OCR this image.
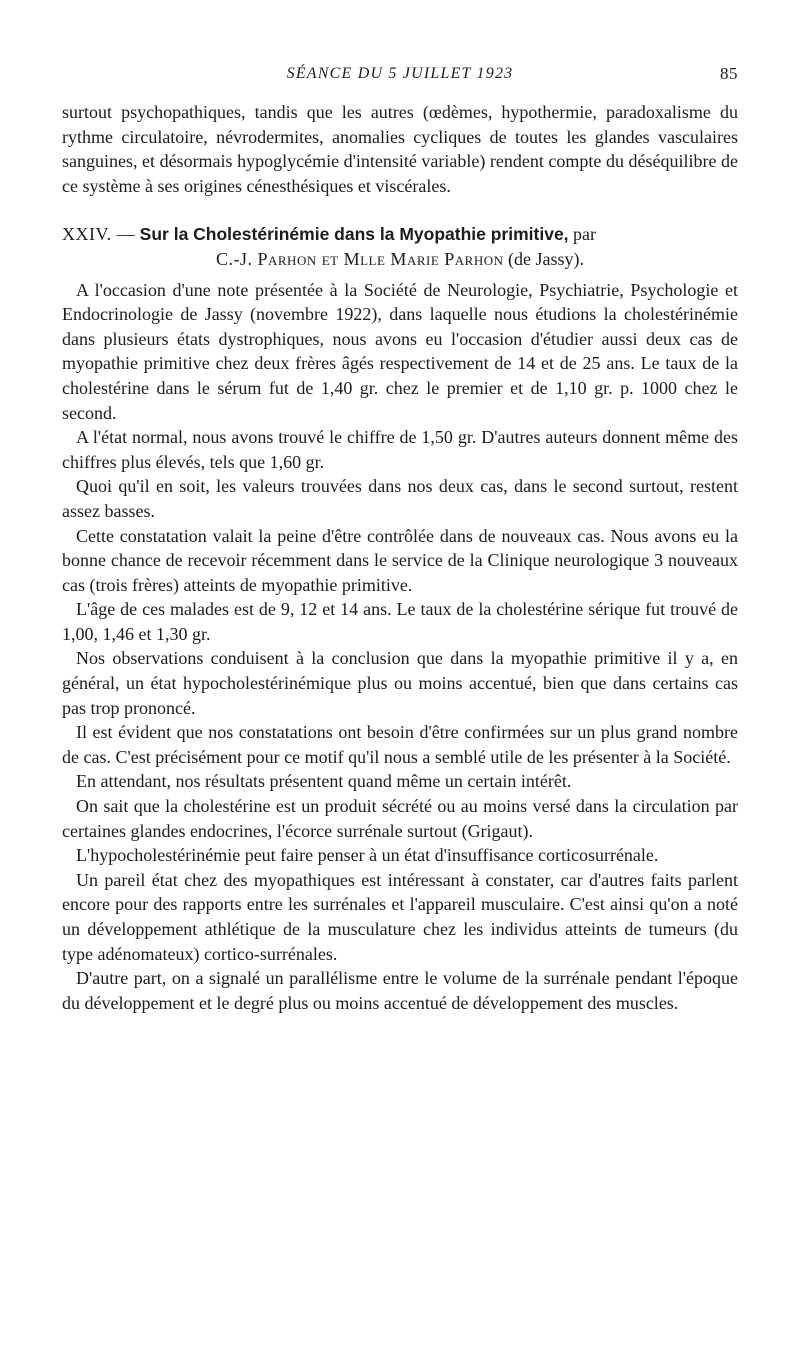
SÉANCE DU 5 JUILLET 1923	85

surtout psychopathiques, tandis que les autres (œdèmes, hypothermie, paradoxalisme du rythme circulatoire, névrodermites, anomalies cycliques de toutes les glandes vasculaires sanguines, et désormais hypoglycémie d'intensité variable) rendent compte du déséquilibre de ce système à ses origines cénesthésiques et viscérales.

XXIV. — Sur la Cholestérinémie dans la Myopathie primitive, par
C.-J. Parhon et Mlle Marie Parhon (de Jassy).

A l'occasion d'une note présentée à la Société de Neurologie, Psychiatrie, Psychologie et Endocrinologie de Jassy (novembre 1922), dans laquelle nous étudions la cholestérinémie dans plusieurs états dystrophiques, nous avons eu l'occasion d'étudier aussi deux cas de myopathie primitive chez deux frères âgés respectivement de 14 et de 25 ans. Le taux de la cholestérine dans le sérum fut de 1,40 gr. chez le premier et de 1,10 gr. p. 1000 chez le second.

A l'état normal, nous avons trouvé le chiffre de 1,50 gr. D'autres auteurs donnent même des chiffres plus élevés, tels que 1,60 gr.

Quoi qu'il en soit, les valeurs trouvées dans nos deux cas, dans le second surtout, restent assez basses.

Cette constatation valait la peine d'être contrôlée dans de nouveaux cas. Nous avons eu la bonne chance de recevoir récemment dans le service de la Clinique neurologique 3 nouveaux cas (trois frères) atteints de myopathie primitive.

L'âge de ces malades est de 9, 12 et 14 ans. Le taux de la cholestérine sérique fut trouvé de 1,00, 1,46 et 1,30 gr.

Nos observations conduisent à la conclusion que dans la myopathie primitive il y a, en général, un état hypocholestérinémique plus ou moins accentué, bien que dans certains cas pas trop prononcé.

Il est évident que nos constatations ont besoin d'être confirmées sur un plus grand nombre de cas. C'est précisément pour ce motif qu'il nous a semblé utile de les présenter à la Société.

En attendant, nos résultats présentent quand même un certain intérêt.

On sait que la cholestérine est un produit sécrété ou au moins versé dans la circulation par certaines glandes endocrines, l'écorce surrénale surtout (Grigaut).

L'hypocholestérinémie peut faire penser à un état d'insuffisance corticosurrénale.

Un pareil état chez des myopathiques est intéressant à constater, car d'autres faits parlent encore pour des rapports entre les surrénales et l'appareil musculaire. C'est ainsi qu'on a noté un développement athlétique de la musculature chez les individus atteints de tumeurs (du type adénomateux) cortico-surrénales.

D'autre part, on a signalé un parallélisme entre le volume de la surrénale pendant l'époque du développement et le degré plus ou moins accentué de développement des muscles.
